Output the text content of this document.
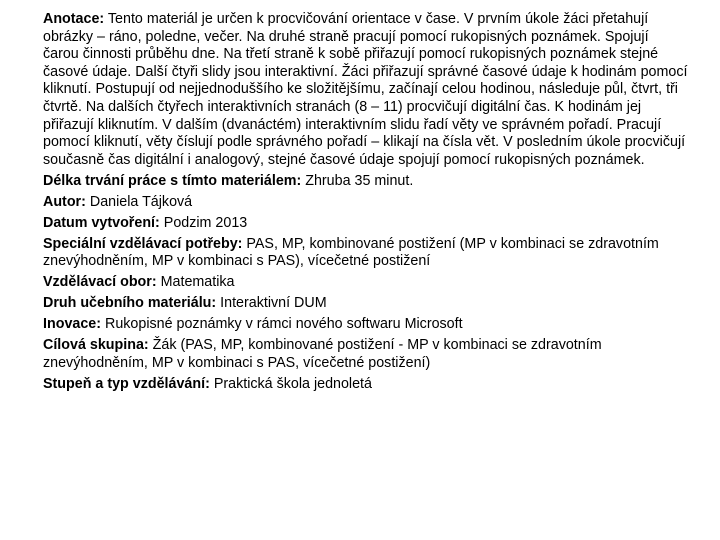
Anotace: Tento materiál je určen k procvičování orientace v čase. V prvním úkole žáci přetahují obrázky – ráno, poledne, večer. Na druhé straně pracují pomocí rukopisných poznámek. Spojují čarou činnosti průběhu dne. Na třetí straně k sobě přiřazují pomocí rukopisných poznámek stejné časové údaje. Další čtyři slidy jsou interaktivní. Žáci přiřazují správné časové údaje k hodinám pomocí kliknutí. Postupují od nejjednoduššího ke složitějšímu, začínají celou hodinou, následuje půl, čtvrt, tři čtvrtě. Na dalších čtyřech interaktivních stranách (8 – 11) procvičují digitální čas. K hodinám jej přiřazují kliknutím. V dalším (dvanáctém) interaktivním slidu řadí věty ve správném pořadí. Pracují pomocí kliknutí, věty číslují podle správného pořadí – klikají na čísla vět. V posledním úkole procvičují současně čas digitální i analogový, stejné časové údaje spojují pomocí rukopisných poznámek.

Délka trvání práce s tímto materiálem: Zhruba 35 minut.

Autor: Daniela Tájková

Datum vytvoření: Podzim 2013

Speciální vzdělávací potřeby: PAS, MP, kombinované postižení (MP v kombinaci se zdravotním znevýhodněním, MP v kombinaci s PAS), vícečetné postižení

Vzdělávací obor: Matematika

Druh učebního materiálu: Interaktivní DUM

Inovace: Rukopisné poznámky v rámci nového softwaru Microsoft

Cílová skupina: Žák (PAS, MP, kombinované postižení - MP v kombinaci se zdravotním znevýhodněním, MP v kombinaci s PAS, vícečetné postižení)

Stupeň a typ vzdělávání: Praktická škola jednoletá
